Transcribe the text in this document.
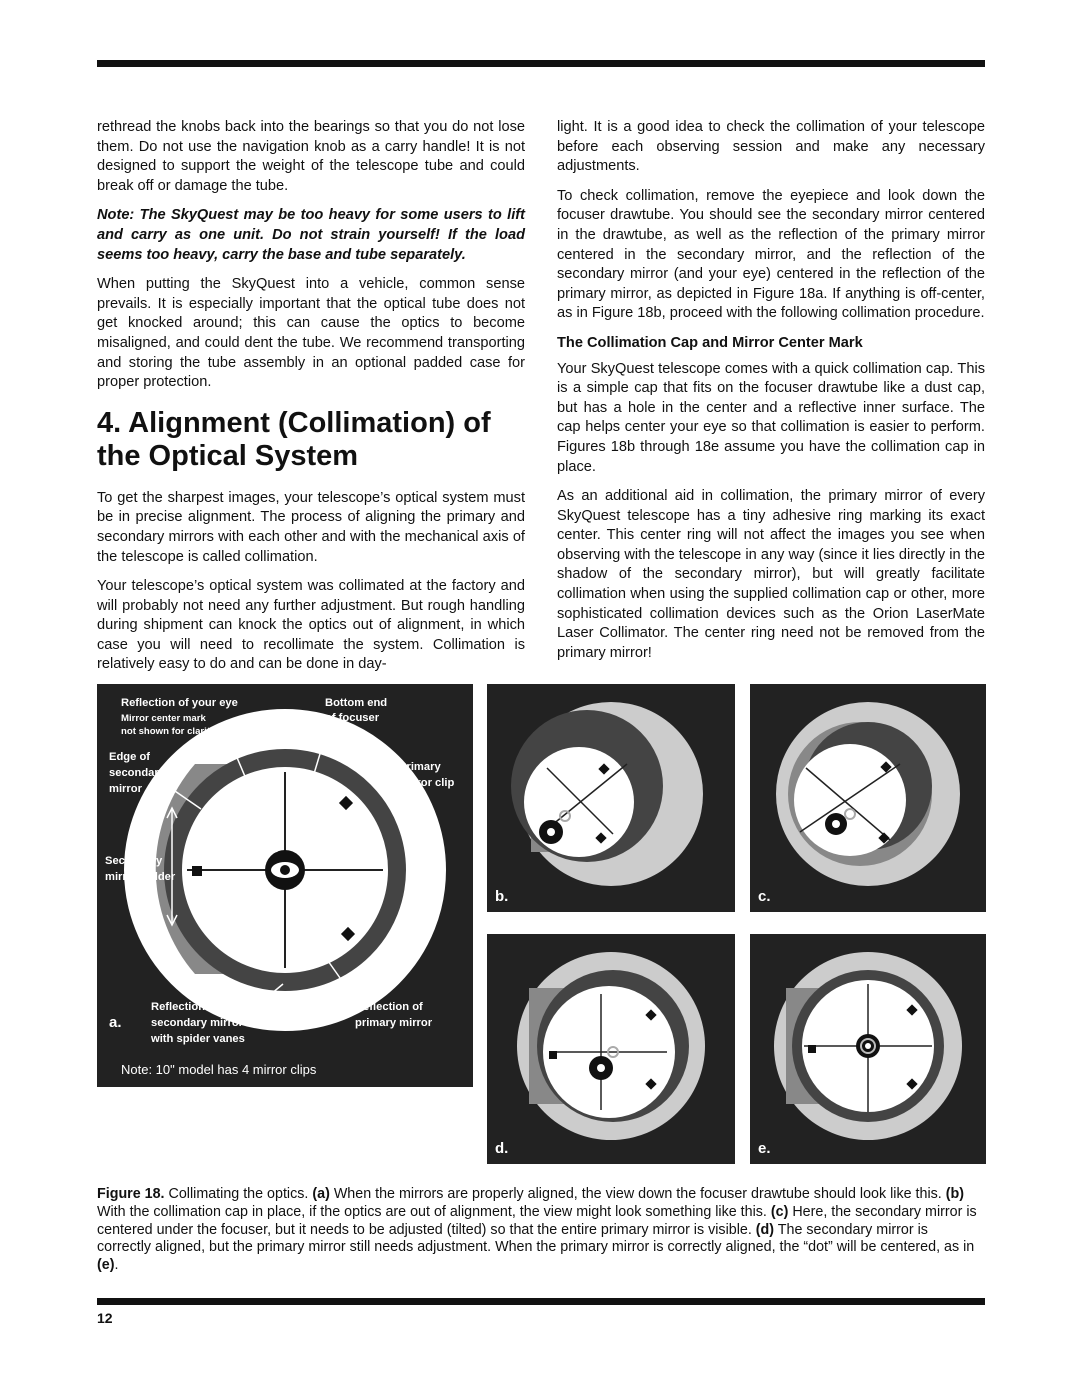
rethread the knobs back into the bearings so that you do not lose them. Do not use the navigation knob as a carry handle! It is not designed to support the weight of the telescope tube and could break off or damage the tube.

Note: The SkyQuest may be too heavy for some users to lift and carry as one unit. Do not strain yourself! If the load seems too heavy, carry the base and tube separately.

When putting the SkyQuest into a vehicle, common sense prevails. It is especially important that the optical tube does not get knocked around; this can cause the optics to become misaligned, and could dent the tube. We recommend transporting and storing the tube assembly in an optional padded case for proper protection.

4. Alignment (Collimation) of the Optical System

To get the sharpest images, your telescope’s optical system must be in precise alignment. The process of aligning the primary and secondary mirrors with each other and with the mechanical axis of the telescope is called collimation.

Your telescope’s optical system was collimated at the factory and will probably not need any further adjustment. But rough handling during shipment can knock the optics out of alignment, in which case you will need to recollimate the system. Collimation is relatively easy to do and can be done in day-

light. It is a good idea to check the collimation of your telescope before each observing session and make any necessary adjustments.

To check collimation, remove the eyepiece and look down the focuser drawtube. You should see the secondary mirror centered in the drawtube, as well as the reflection of the primary mirror centered in the secondary mirror, and the reflection of the secondary mirror (and your eye) centered in the reflection of the primary mirror, as depicted in Figure 18a. If anything is off-center, as in Figure 18b, proceed with the following collimation procedure.

The Collimation Cap and Mirror Center Mark

Your SkyQuest telescope comes with a quick collimation cap. This is a simple cap that fits on the focuser drawtube like a dust cap, but has a hole in the center and a reflective inner surface. The cap helps center your eye so that collimation is easier to perform. Figures 18b through 18e assume you have the collimation cap in place.

As an additional aid in collimation, the primary mirror of every SkyQuest telescope has a tiny adhesive ring marking its exact center. This center ring will not affect the images you see when observing with the telescope in any way (since it lies directly in the shadow of the secondary mirror), but will greatly facilitate collimation when using the supplied collimation cap or other, more sophisticated collimation devices such as the Orion LaserMate Laser Collimator. The center ring need not be removed from the primary mirror!

Reflection of your eye
Mirror center mark
not shown for clarity
Bottom end
of focuser
Edge of
secondary
mirror
Primary
mirror clip
Secondary
mirror holder
Reflection of
secondary mirror holder
with spider vanes
Reflection of
primary mirror
a.
Note: 10" model has 4 mirror clips
b.	c.
d.	e.
Figure 18. Collimating the optics. (a) When the mirrors are properly aligned, the view down the focuser drawtube should look like this. (b) With the collimation cap in place, if the optics are out of alignment, the view might look something like this. (c) Here, the secondary mirror is centered under the focuser, but it needs to be adjusted (tilted) so that the entire primary mirror is visible. (d) The secondary mirror is correctly aligned, but the primary mirror still needs adjustment. When the primary mirror is correctly aligned, the “dot” will be centered, as in (e).
12
